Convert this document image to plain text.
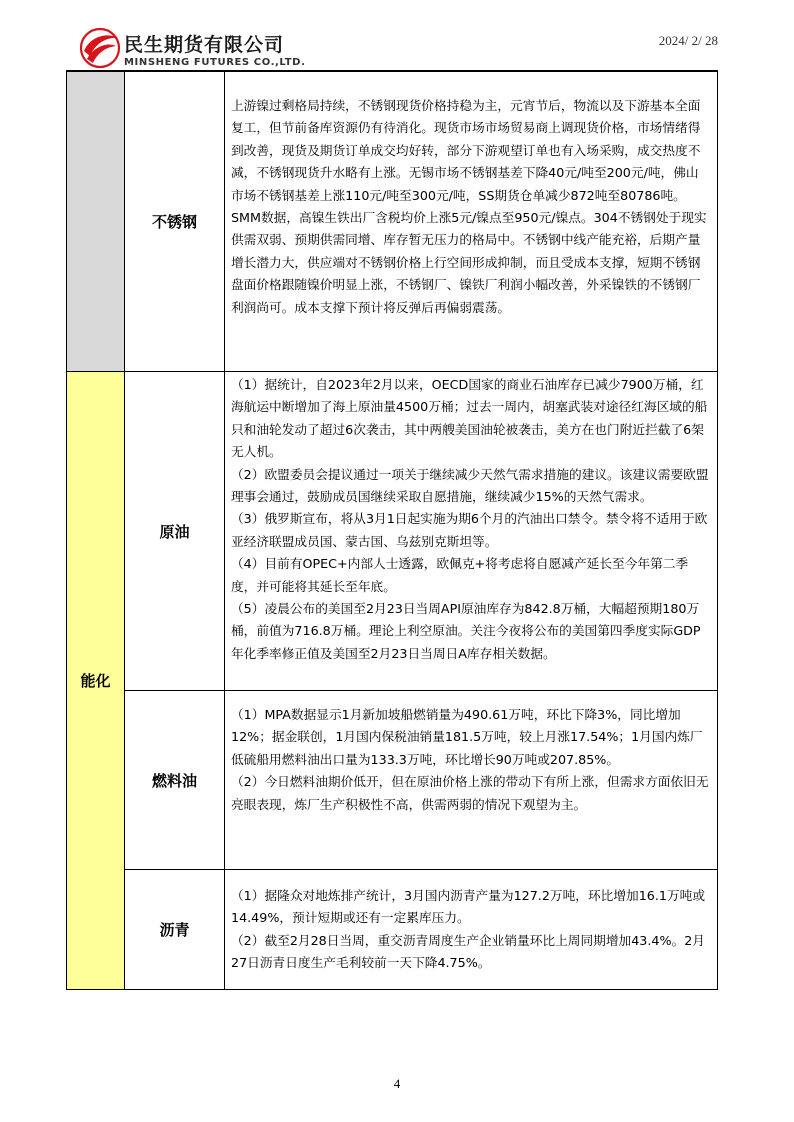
民生期货有限公司
MINSHENG FUTURES CO.,LTD.
2024/ 2/ 28
不锈钢

上游镍过剩格局持续，不锈钢现货价格持稳为主，元宵节后，物流以及下游基本全面复工，但节前备库资源仍有待消化。现货市场市场贸易商上调现货价格，市场情绪得到改善，现货及期货订单成交均好转，部分下游观望订单也有入场采购，成交热度不减，不锈钢现货升水略有上涨。无锡市场不锈钢基差下降40元/吨至200元/吨，佛山市场不锈钢基差上涨110元/吨至300元/吨，SS期货仓单减少872吨至80786吨。SMM数据，高镍生铁出厂含税均价上涨5元/镍点至950元/镍点。304不锈钢处于现实供需双弱、预期供需同增、库存暂无压力的格局中。不锈钢中线产能充裕，后期产量增长潜力大，供应端对不锈钢价格上行空间形成抑制，而且受成本支撑，短期不锈钢盘面价格跟随镍价明显上涨，不锈钢厂、镍铁厂利润小幅改善，外采镍铁的不锈钢厂利润尚可。成本支撑下预计将反弹后再偏弱震荡。

能化
原油

（1）据统计，自2023年2月以来，OECD国家的商业石油库存已减少7900万桶，红海航运中断增加了海上原油量4500万桶；过去一周内，胡塞武装对途径红海区域的船只和油轮发动了超过6次袭击，其中两艘美国油轮被袭击，美方在也门附近拦截了6架无人机。

（2）欧盟委员会提议通过一项关于继续减少天然气需求措施的建议。该建议需要欧盟理事会通过，鼓励成员国继续采取自愿措施，继续减少15%的天然气需求。

（3）俄罗斯宣布，将从3月1日起实施为期6个月的汽油出口禁令。禁令将不适用于欧亚经济联盟成员国、蒙古国、乌兹别克斯坦等。

（4）目前有OPEC+内部人士透露，欧佩克+将考虑将自愿减产延长至今年第二季度，并可能将其延长至年底。

（5）凌晨公布的美国至2月23日当周API原油库存为842.8万桶，大幅超预期180万桶，前值为716.8万桶。理论上利空原油。关注今夜将公布的美国第四季度实际GDP年化季率修正值及美国至2月23日当周日A库存相关数据。

燃料油

（1）MPA数据显示1月新加坡船燃销量为490.61万吨，环比下降3%，同比增加12%；据金联创，1月国内保税油销量181.5万吨，较上月涨17.54%；1月国内炼厂低硫船用燃料油出口量为133.3万吨，环比增长90万吨或207.85%。

（2）今日燃料油期价低开，但在原油价格上涨的带动下有所上涨，但需求方面依旧无亮眼表现，炼厂生产积极性不高，供需两弱的情况下观望为主。

沥青

（1）据隆众对地炼排产统计，3月国内沥青产量为127.2万吨，环比增加16.1万吨或14.49%，预计短期或还有一定累库压力。

（2）截至2月28日当周，重交沥青周度生产企业销量环比上周同期增加43.4%。2月27日沥青日度生产毛利较前一天下降4.75%。

4
